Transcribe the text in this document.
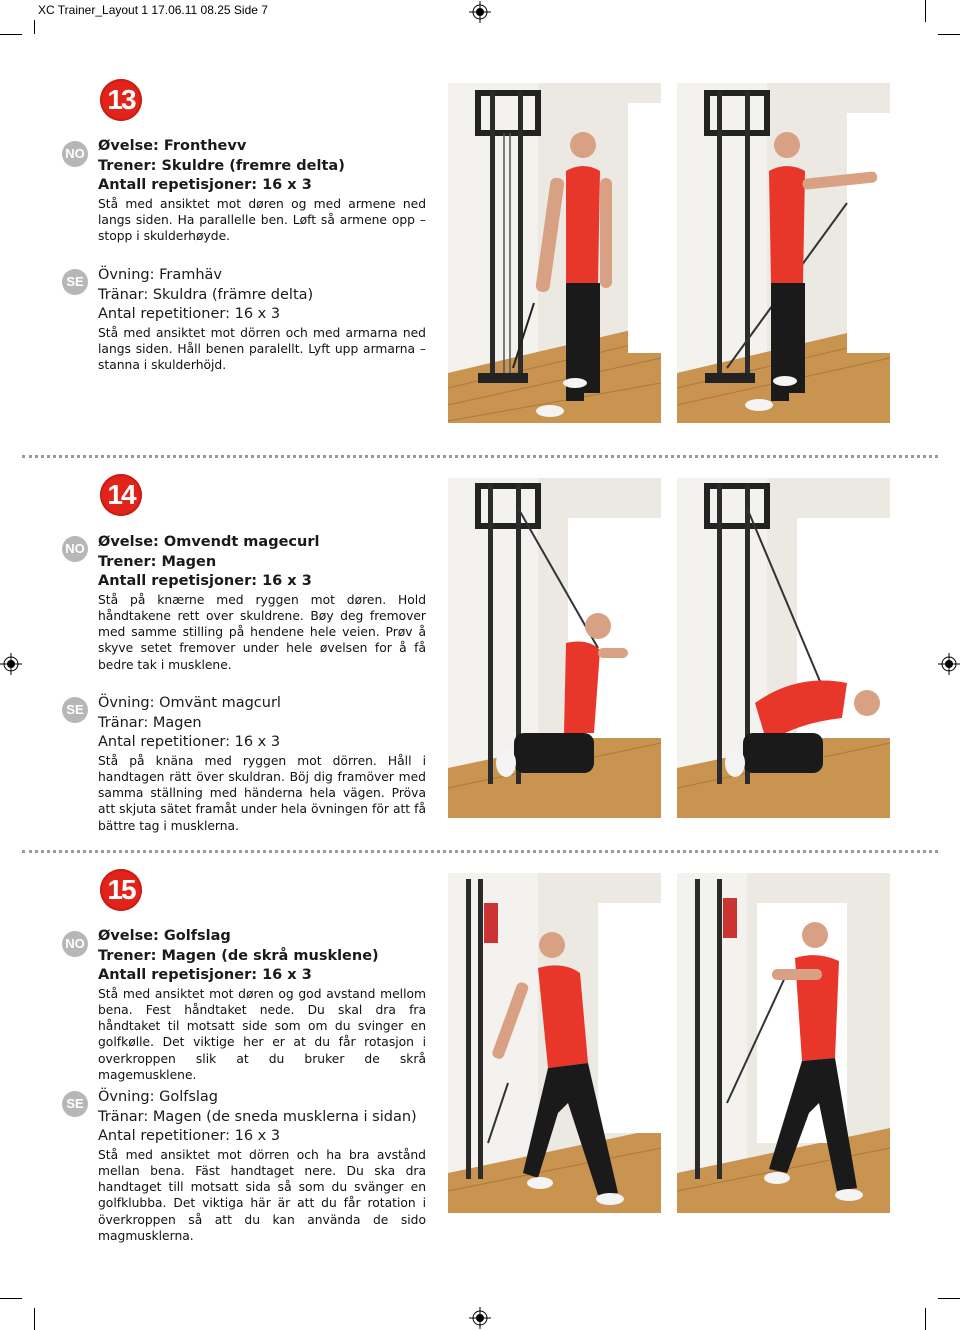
XC Trainer_Layout 1 17.06.11 08.25 Side 7
13
NO Øvelse: Fronthevv
Trener: Skuldre (fremre delta)
Antall repetisjoner: 16 x 3
Stå med ansiktet mot døren og med armene ned langs siden. Ha parallelle ben. Løft så armene opp – stopp i skulderhøyde.
SE Övning: Framhäv
Tränar: Skuldra (främre delta)
Antal repetitioner: 16 x 3
Stå med ansiktet mot dörren och med armarna ned langs siden. Håll benen paralellt. Lyft upp armarna – stanna i skulderhöjd.
14
NO Øvelse: Omvendt magecurl
Trener: Magen
Antall repetisjoner: 16 x 3
Stå på knærne med ryggen mot døren. Hold håndtakene rett over skuldrene. Bøy deg fremover med samme stilling på hendene hele veien. Prøv å skyve setet fremover under hele øvelsen for å få bedre tak i musklene.
SE Övning: Omvänt magcurl
Tränar: Magen
Antal repetitioner: 16 x 3
Stå på knäna med ryggen mot dörren. Håll i handtagen rätt över skuldran. Böj dig framöver med samma ställning med händerna hela vägen. Pröva att skjuta sätet framåt under hela övningen för att få bättre tag i musklerna.
15
NO Øvelse: Golfslag
Trener: Magen (de skrå musklene)
Antall repetisjoner: 16 x 3
Stå med ansiktet mot døren og god avstand mellom bena. Fest håndtaket nede. Du skal dra fra håndtaket til motsatt side som om du svinger en golfkølle. Det viktige her er at du får rotasjon i overkroppen slik at du bruker de skrå magemusklene.
SE Övning: Golfslag
Tränar: Magen (de sneda musklerna i sidan)
Antal repetitioner: 16 x 3
Stå med ansiktet mot dörren och ha bra avstånd mellan bena. Fäst handtaget nere. Du ska dra handtaget till motsatt sida så som du svänger en golfklubba. Det viktiga här är att du får rotation i överkroppen så att du kan använda de sido magmusklerna.
